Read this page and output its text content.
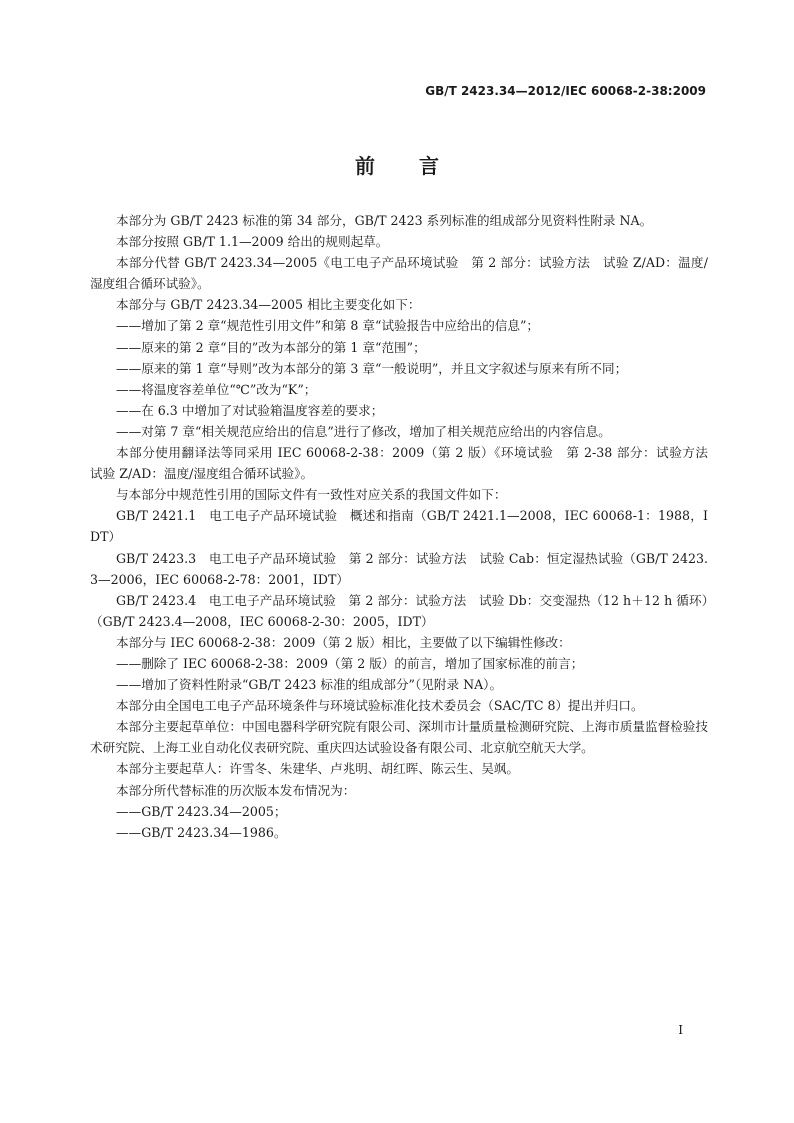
GB/T 2423.34—2012/IEC 60068-2-38:2009
前言

本部分为 GB/T 2423 标准的第 34 部分，GB/T 2423 系列标准的组成部分见资料性附录 NA。

本部分按照 GB/T 1.1—2009 给出的规则起草。

本部分代替 GB/T 2423.34—2005《电工电子产品环境试验　第 2 部分：试验方法　试验 Z/AD：温度/湿度组合循环试验》。

本部分与 GB/T 2423.34—2005 相比主要变化如下：

——增加了第 2 章“规范性引用文件”和第 8 章“试验报告中应给出的信息”；

——原来的第 2 章“目的”改为本部分的第 1 章“范围”；

——原来的第 1 章“导则”改为本部分的第 3 章“一般说明”，并且文字叙述与原来有所不同；

——将温度容差单位“℃”改为“K”；

——在 6.3 中增加了对试验箱温度容差的要求；

——对第 7 章“相关规范应给出的信息”进行了修改，增加了相关规范应给出的内容信息。

本部分使用翻译法等同采用 IEC 60068-2-38：2009（第 2 版）《环境试验　第 2-38 部分：试验方法　试验 Z/AD：温度/湿度组合循环试验》。

与本部分中规范性引用的国际文件有一致性对应关系的我国文件如下：

GB/T 2421.1　电工电子产品环境试验　概述和指南（GB/T 2421.1—2008，IEC 60068-1：1988，IDT）

GB/T 2423.3　电工电子产品环境试验　第 2 部分：试验方法　试验 Cab：恒定湿热试验（GB/T 2423.3—2006，IEC 60068-2-78：2001，IDT）

GB/T 2423.4　电工电子产品环境试验　第 2 部分：试验方法　试验 Db：交变湿热（12 h＋12 h 循环）（GB/T 2423.4—2008，IEC 60068-2-30：2005，IDT）

本部分与 IEC 60068-2-38：2009（第 2 版）相比，主要做了以下编辑性修改：

——删除了 IEC 60068-2-38：2009（第 2 版）的前言，增加了国家标准的前言；

——增加了资料性附录“GB/T 2423 标准的组成部分”（见附录 NA）。

本部分由全国电工电子产品环境条件与环境试验标准化技术委员会（SAC/TC 8）提出并归口。

本部分主要起草单位：中国电器科学研究院有限公司、深圳市计量质量检测研究院、上海市质量监督检验技术研究院、上海工业自动化仪表研究院、重庆四达试验设备有限公司、北京航空航天大学。

本部分主要起草人：许雪冬、朱建华、卢兆明、胡红晖、陈云生、吴飒。

本部分所代替标准的历次版本发布情况为：

——GB/T 2423.34—2005；

——GB/T 2423.34—1986。

I
